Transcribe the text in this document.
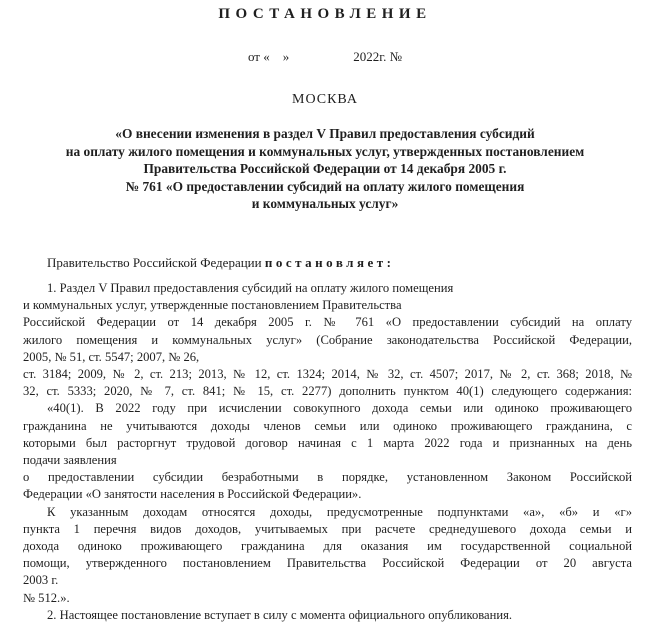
ПОСТАНОВЛЕНИЕ
от «    »	2022г. №
МОСКВА
«О внесении изменения в раздел V Правил предоставления субсидий
на оплату жилого помещения и коммунальных услуг, утвержденных постановлением
Правительства Российской Федерации от 14 декабря 2005 г.
№ 761 «О предоставлении субсидий на оплату жилого помещения
и коммунальных услуг»
Правительство Российской Федерации постановляет:
1. Раздел V Правил предоставления субсидий на оплату жилого помещения
и коммунальных услуг, утвержденные постановлением Правительства
Российской Федерации от 14 декабря 2005 г. № 761 «О предоставлении субсидий на оплату
жилого помещения и коммунальных услуг» (Собрание законодательства Российской Федерации,
2005, № 51, ст. 5547; 2007, № 26,
ст. 3184; 2009, № 2, ст. 213; 2013, № 12, ст. 1324; 2014, № 32, ст. 4507; 2017, № 2, ст. 368; 2018, №
32, ст. 5333; 2020, № 7, ст. 841; № 15, ст. 2277) дополнить пунктом 40(1) следующего содержания:
«40(1). В 2022 году при исчислении совокупного дохода семьи или одиноко проживающего
гражданина не учитываются доходы членов семьи или одиноко проживающего гражданина, с
которыми был расторгнут трудовой договор начиная с 1 марта 2022 года и признанных на день
подачи заявления
о предоставлении субсидии безработными в порядке, установленном Законом Российской
Федерации «О занятости населения в Российской Федерации».
К указанным доходам относятся доходы, предусмотренные подпунктами «а», «б» и «г»
пункта 1 перечня видов доходов, учитываемых при расчете среднедушевого дохода семьи и
дохода одиноко проживающего гражданина для оказания им государственной социальной
помощи, утвержденного постановлением Правительства Российской Федерации от 20 августа
2003 г.
№ 512.».
2. Настоящее постановление вступает в силу с момента официального опубликования.
